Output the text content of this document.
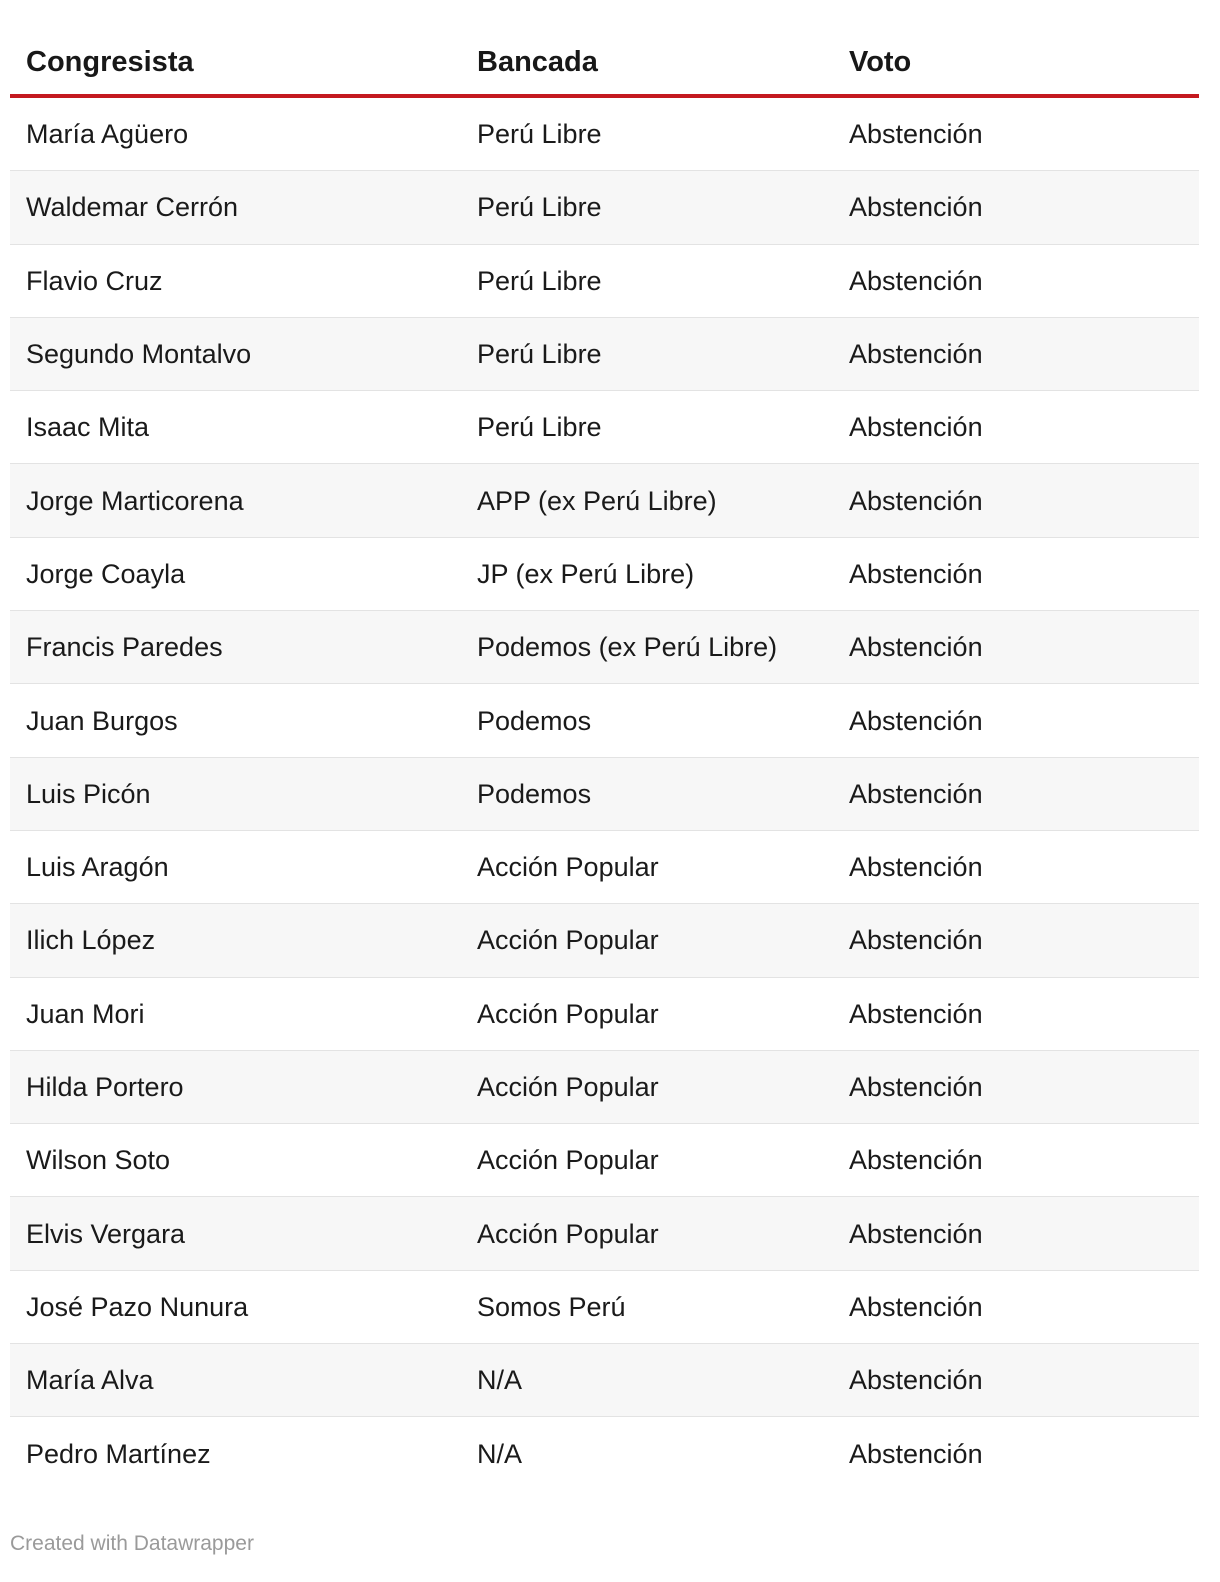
Congresista	Bancada	Voto
María Agüero	Perú Libre	Abstención
Waldemar Cerrón	Perú Libre	Abstención
Flavio Cruz	Perú Libre	Abstención
Segundo Montalvo	Perú Libre	Abstención
Isaac Mita	Perú Libre	Abstención
Jorge Marticorena	APP (ex Perú Libre)	Abstención
Jorge Coayla	JP (ex Perú Libre)	Abstención
Francis Paredes	Podemos (ex Perú Libre)	Abstención
Juan Burgos	Podemos	Abstención
Luis Picón	Podemos	Abstención
Luis Aragón	Acción Popular	Abstención
Ilich López	Acción Popular	Abstención
Juan Mori	Acción Popular	Abstención
Hilda Portero	Acción Popular	Abstención
Wilson Soto	Acción Popular	Abstención
Elvis Vergara	Acción Popular	Abstención
José Pazo Nunura	Somos Perú	Abstención
María Alva	N/A	Abstención
Pedro Martínez	N/A	Abstención
Created with Datawrapper
